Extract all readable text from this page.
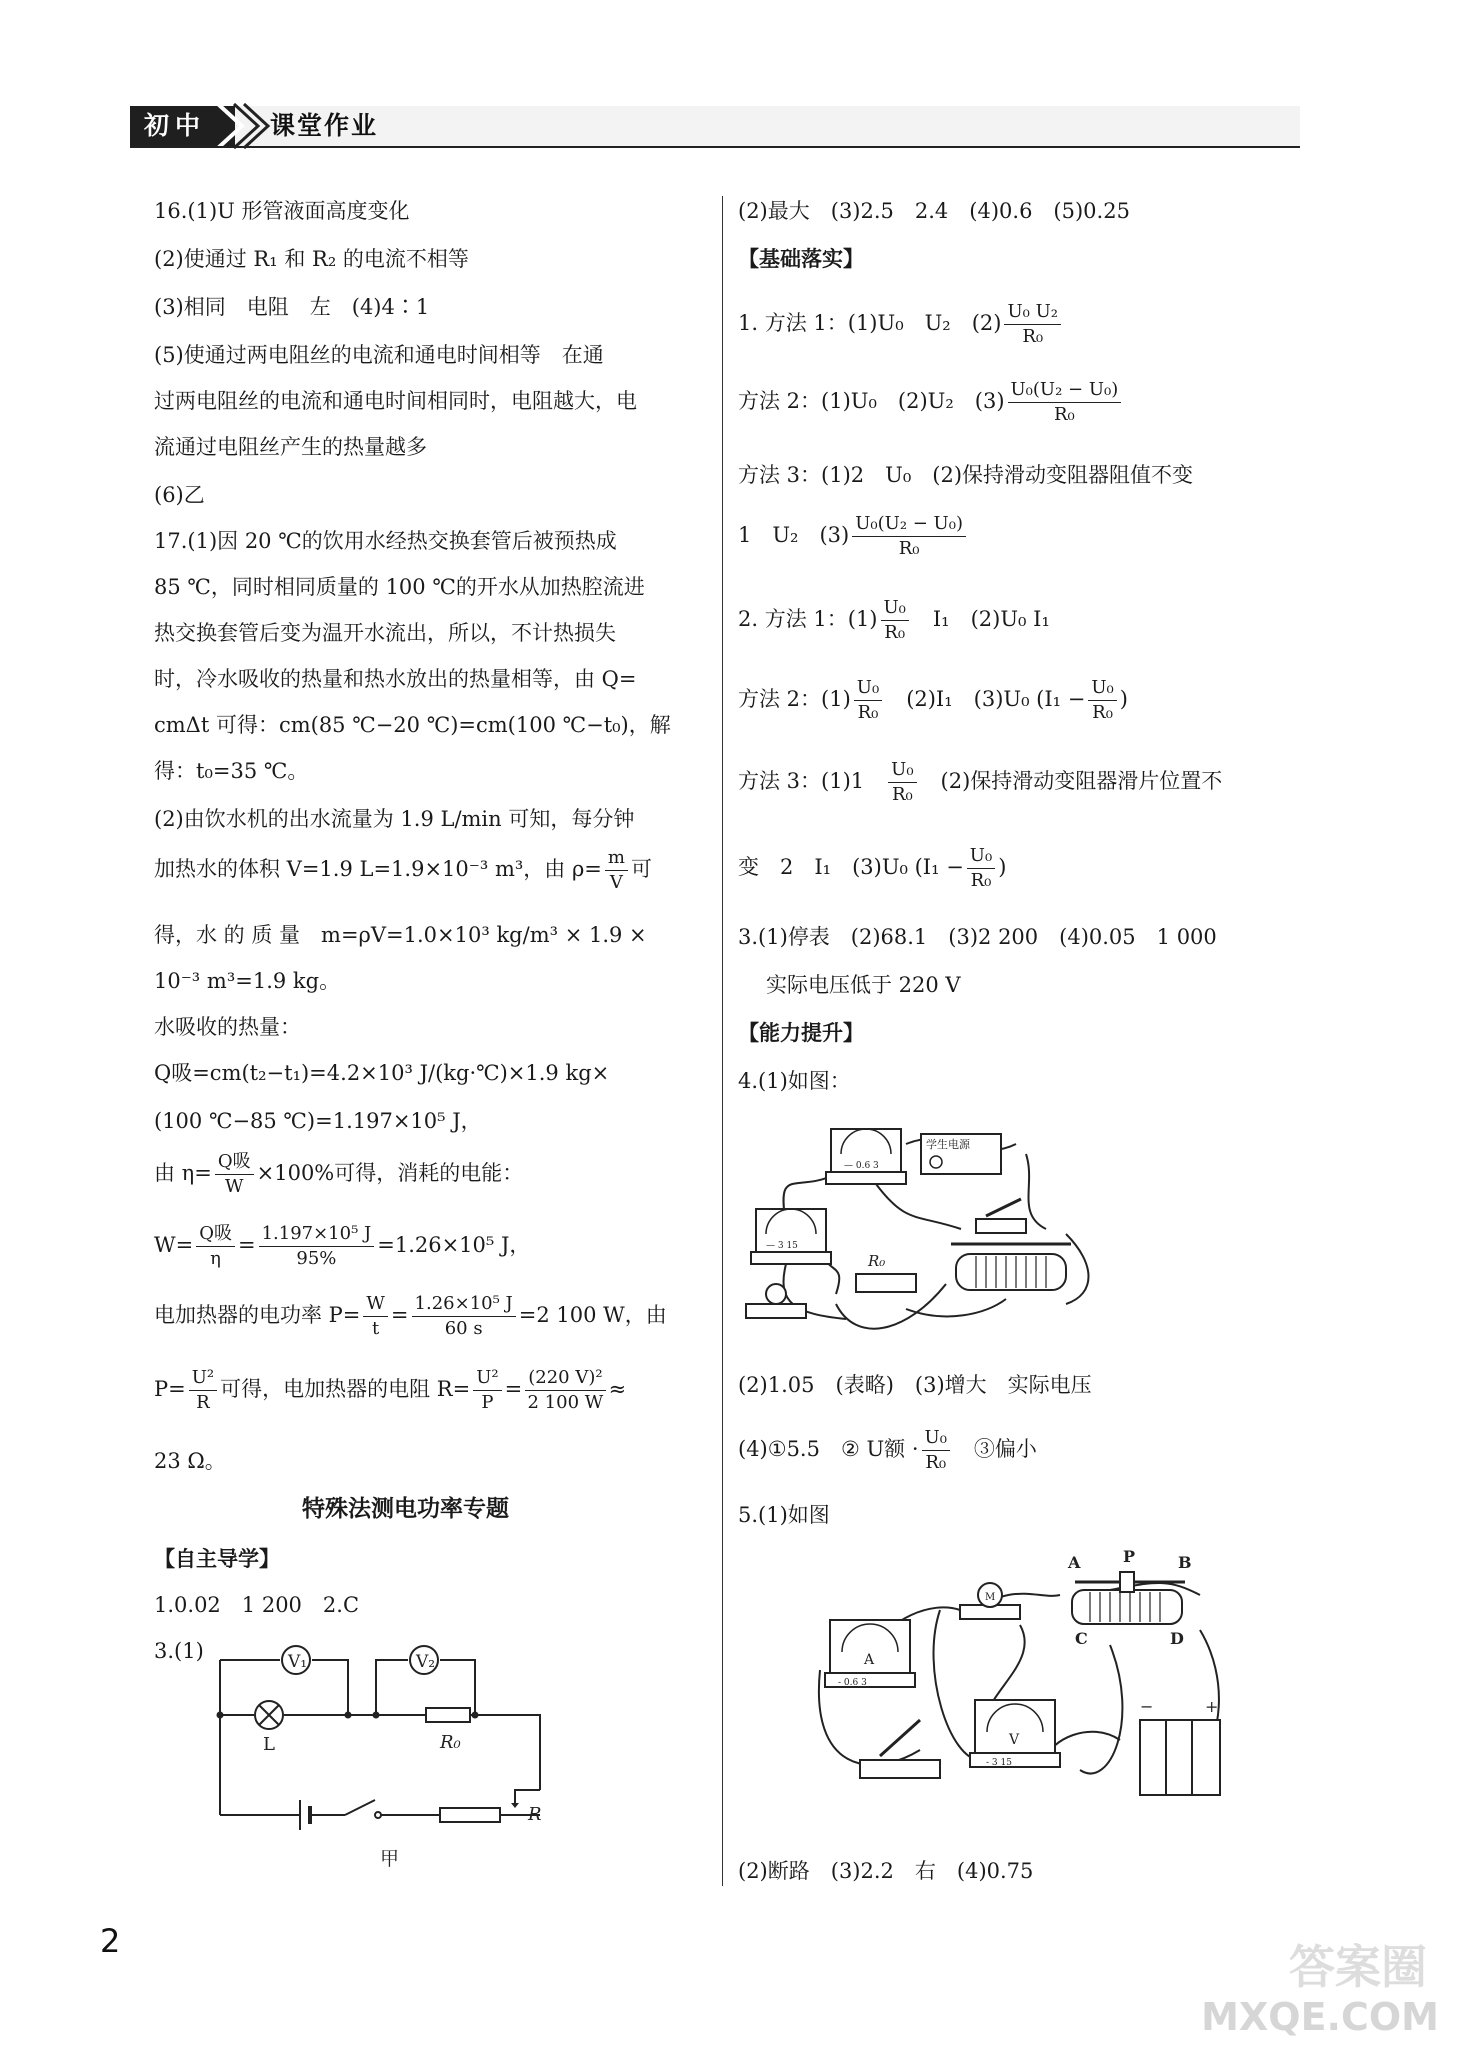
初中	课堂作业
16.(1)U 形管液面高度变化
(2)使通过 R₁ 和 R₂ 的电流不相等
(3)相同　电阻　左　(4)4∶1
(5)使通过两电阻丝的电流和通电时间相等　在通
过两电阻丝的电流和通电时间相同时，电阻越大，电
流通过电阻丝产生的热量越多
(6)乙
17.(1)因 20 ℃的饮用水经热交换套管后被预热成
85 ℃，同时相同质量的 100 ℃的开水从加热腔流进
热交换套管后变为温开水流出，所以，不计热损失
时，冷水吸收的热量和热水放出的热量相等，由 Q=
cmΔt 可得：cm(85 ℃−20 ℃)=cm(100 ℃−t₀)，解
得：t₀=35 ℃。
(2)由饮水机的出水流量为 1.9 L/min 可知，每分钟
加热水的体积 V=1.9 L=1.9×10⁻³ m³，由 $\rho= \frac{m}{V}$ 可
得，水 的 质 量　m=ρV=1.0×10³ kg/m³ × 1.9 ×
10⁻³ m³=1.9 kg。
水吸收的热量：
Q吸=cm(t₂−t₁)=4.2×10³ J/(kg·℃)×1.9 kg×
(100 ℃−85 ℃)=1.197×10⁵ J，
由 $\eta= \frac{\text{Q吸}}{W} \times 100\%$可得，消耗的电能：
$W= \frac{\text{Q吸}}{\eta} = \frac{\text{1.197×10⁵ J}}{95\%} =1.26\times 10^5$ J，
电加热器的电功率 $P= \frac{W}{t} = \frac{\text{1.26×10⁵ J}}{60 s} =2$ 100 W，由
$P= \frac{\text{U²}}{R}$ 可得，电加热器的电阻 $R= \frac{\text{U²}}{P} = \frac{\text{(220 V)²}}{2 100 W}$ ≈
23 Ω。
特殊法测电功率专题
【自主导学】
1.0.02　1 200　2.C
3.(1)	V₁	V₂
L	R₀
R
甲
(2)最大　(3)2.5　2.4　(4)0.6　(5)0.25
【基础落实】
1. 方法 1：(1)U₀　U₂　$(2) \frac{\text{U₀ U₂}}{\text{R₀}}$
方法 2：(1)U₀　(2)U₂　$(3) \frac{\text{U₀(U₂ − U₀)}}{\text{R₀}}$
方法 3：(1)2　U₀　(2)保持滑动变阻器阻值不变
1　U₂　$(3) \frac{\text{U₀(U₂ − U₀)}}{\text{R₀}}$
2. 方法 1：$(1) \frac{\text{U₀}}{\text{R₀}}$
　 I₁　(2)U₀ I₁
方法 2：$(1) \frac{\text{U₀}}{\text{R₀}}$
　 (2)I₁　(3)U₀ ($I_1 - \frac{\text{U₀}}{\text{R₀}}$ )
方法 3：(1)1　 $\frac{\text{U₀}}{\text{R₀}}$
　 (2)保持滑动变阻器滑片位置不
变　2　I₁　(3)U₀ ($I_1 - \frac{\text{U₀}}{\text{R₀}}$ )
3.(1)停表　(2)68.1　(3)2 200　(4)0.05　1 000
实际电压低于 220 V
【能力提升】
4.(1)如图：
(2)1.05　(表略)　(3)增大　实际电压
(4)①5.5　② U额 · $\frac{\text{U₀}}{\text{R₀}}$
　 ③偏小
5.(1)如图
(2)断路　(3)2.2　右　(4)0.75
— 0.6 3
— 3 15
学生电源
R₀
A
- 0.6 3
M
A	P	B
C	D
V
- 3 15
−	+
2	答案圈
MXQE.COM
